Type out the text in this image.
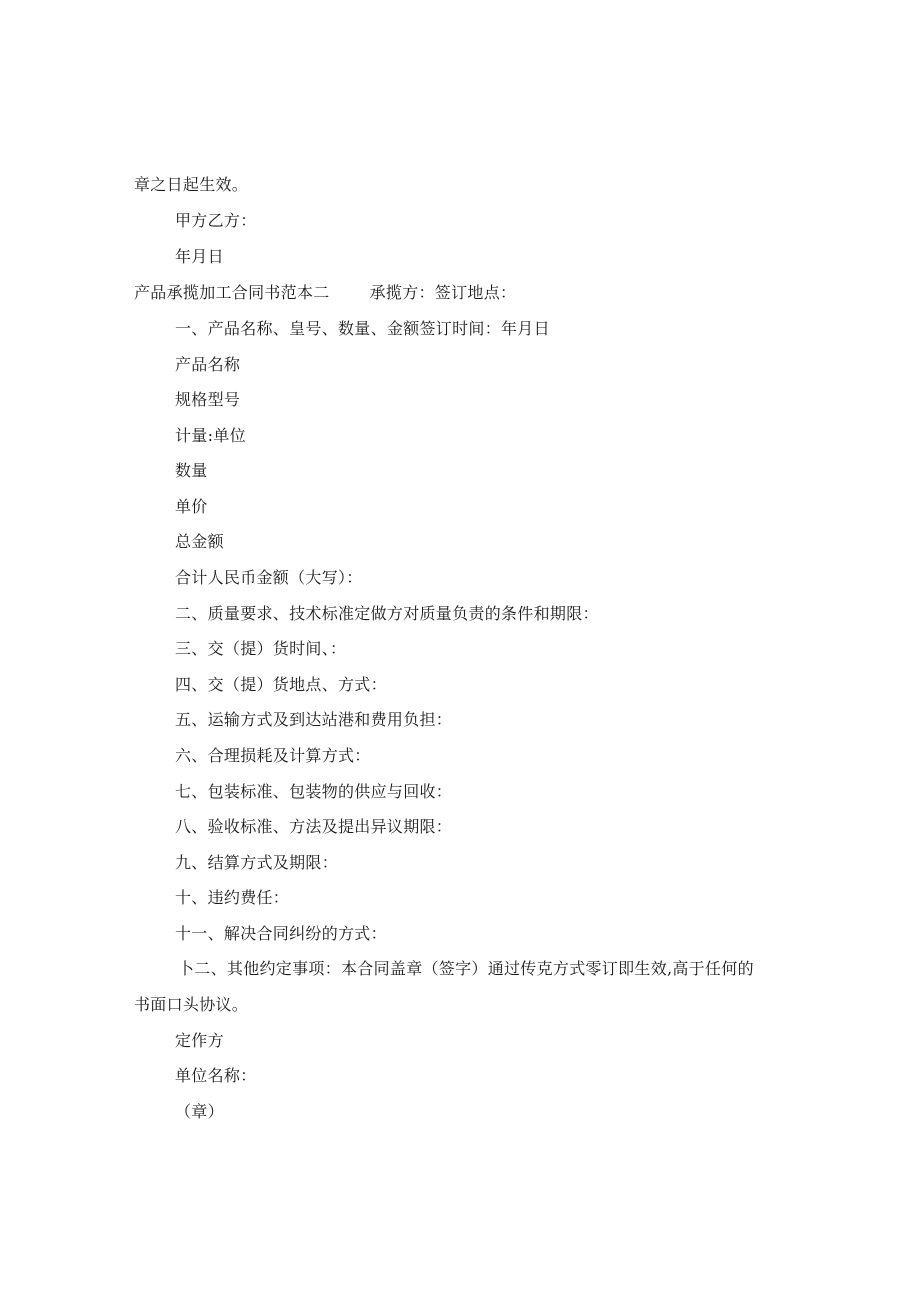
章之日起生效。
甲方乙方：
年月日
产品承揽加工合同书范本二	承揽方：签订地点：
一、产品名称、皇号、数量、金额签订时间：年月日
产品名称
规格型号
计量:单位
数量
单价
总金额
合计人民币金额（大写）：
二、质量要求、技术标准定做方对质量负责的条件和期限：
三、交（提）货时间、：
四、交（提）货地点、方式：
五、运输方式及到达站港和费用负担：
六、合理损耗及计算方式：
七、包装标准、包装物的供应与回收：
八、验收标准、方法及提出异议期限：
九、结算方式及期限：
十、违约费任：
十一、解决合同纠纷的方式：
卜二、其他约定事项：本合同盖章（签字）通过传克方式零订即生效,高于任何的
书面口头协议。
定作方
单位名称：
（章）
